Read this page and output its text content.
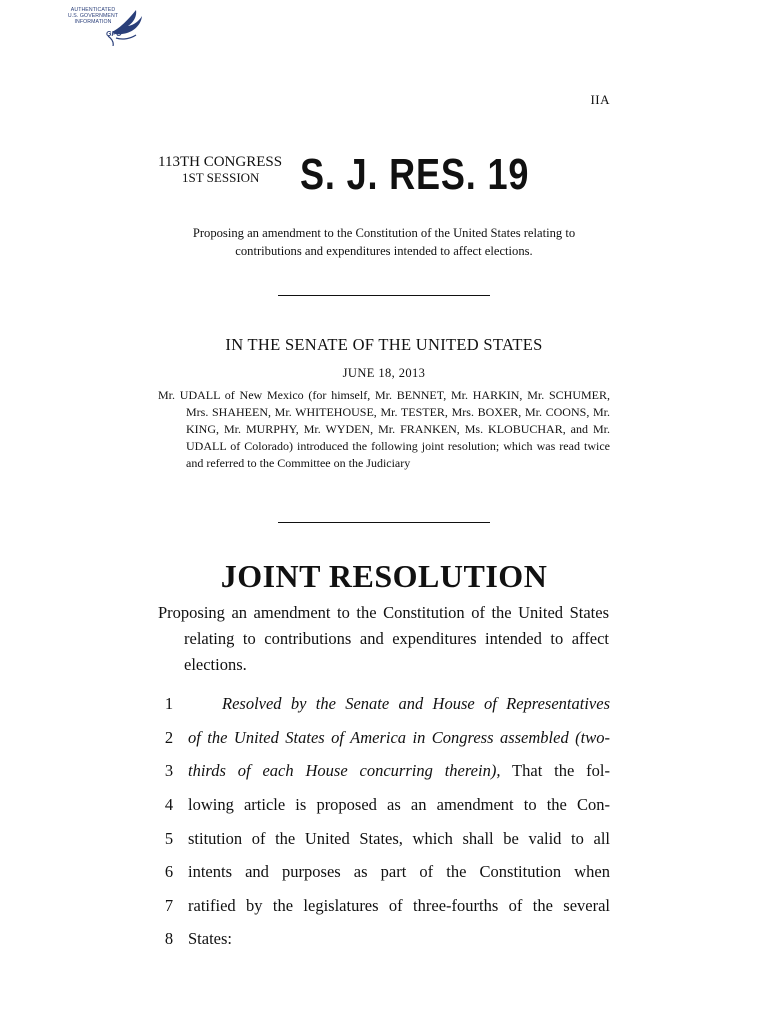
AUTHENTICATED
U.S. GOVERNMENT
INFORMATION
GPO
IIA
113TH CONGRESS
1ST SESSION S. J. RES. 19
Proposing an amendment to the Constitution of the United States relating to contributions and expenditures intended to affect elections.
IN THE SENATE OF THE UNITED STATES
JUNE 18, 2013
Mr. UDALL of New Mexico (for himself, Mr. BENNET, Mr. HARKIN, Mr. SCHUMER, Mrs. SHAHEEN, Mr. WHITEHOUSE, Mr. TESTER, Mrs. BOXER, Mr. COONS, Mr. KING, Mr. MURPHY, Mr. WYDEN, Mr. FRANKEN, Ms. KLOBUCHAR, and Mr. UDALL of Colorado) introduced the following joint resolution; which was read twice and referred to the Committee on the Judiciary
JOINT RESOLUTION
Proposing an amendment to the Constitution of the United States relating to contributions and expenditures intended to affect elections.
1	Resolved by the Senate and House of Representatives
2 of the United States of America in Congress assembled (two-
3 thirds of each House concurring therein), That the fol-
4 lowing article is proposed as an amendment to the Con-
5 stitution of the United States, which shall be valid to all
6 intents and purposes as part of the Constitution when
7 ratified by the legislatures of three-fourths of the several
8 States:
